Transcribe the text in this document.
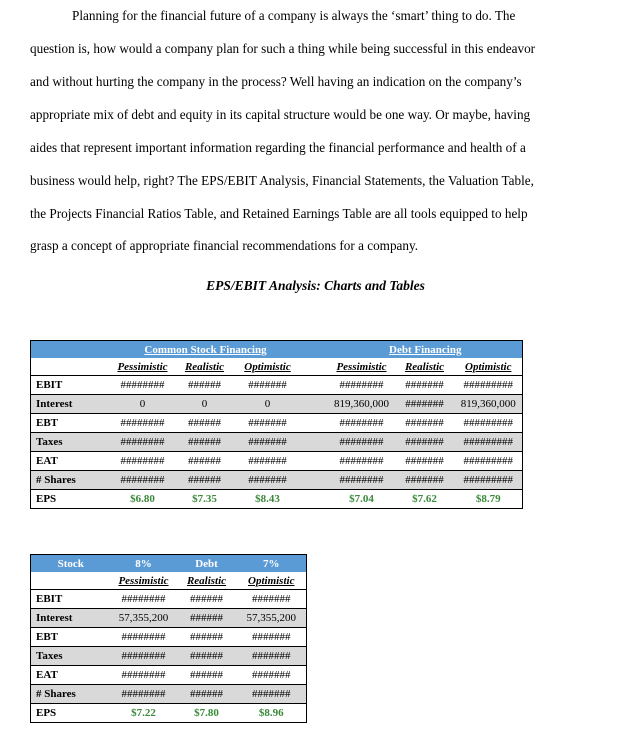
Planning for the financial future of a company is always the ‘smart’ thing to do. The
question is, how would a company plan for such a thing while being successful in this endeavor
and without hurting the company in the process? Well having an indication on the company’s
appropriate mix of debt and equity in its capital structure would be one way. Or maybe, having
aides that represent important information regarding the financial performance and health of a
business would help, right? The EPS/EBIT Analysis, Financial Statements, the Valuation Table,
the Projects Financial Ratios Table, and Retained Earnings Table are all tools equipped to help
grasp a concept of appropriate financial recommendations for a company.
EPS/EBIT Analysis: Charts and Tables
	Common Stock Financing				Debt Financing		
	Pessimistic	Realistic	Optimistic		Pessimistic	Realistic	Optimistic
EBIT	########	######	#######		########	#######	#########
Interest	0	0	0		819,360,000	#######	819,360,000
EBT	########	######	#######		########	#######	#########
Taxes	########	######	#######		########	#######	#########
EAT	########	######	#######		########	#######	#########
# Shares	########	######	#######		########	#######	#########
EPS	$6.80	$7.35	$8.43		$7.04	$7.62	$8.79
Stock	8%	Debt	7%
	Pessimistic	Realistic	Optimistic
EBIT	########	######	#######
Interest	57,355,200	######	57,355,200
EBT	########	######	#######
Taxes	########	######	#######
EAT	########	######	#######
# Shares	########	######	#######
EPS	$7.22	$7.80	$8.96
